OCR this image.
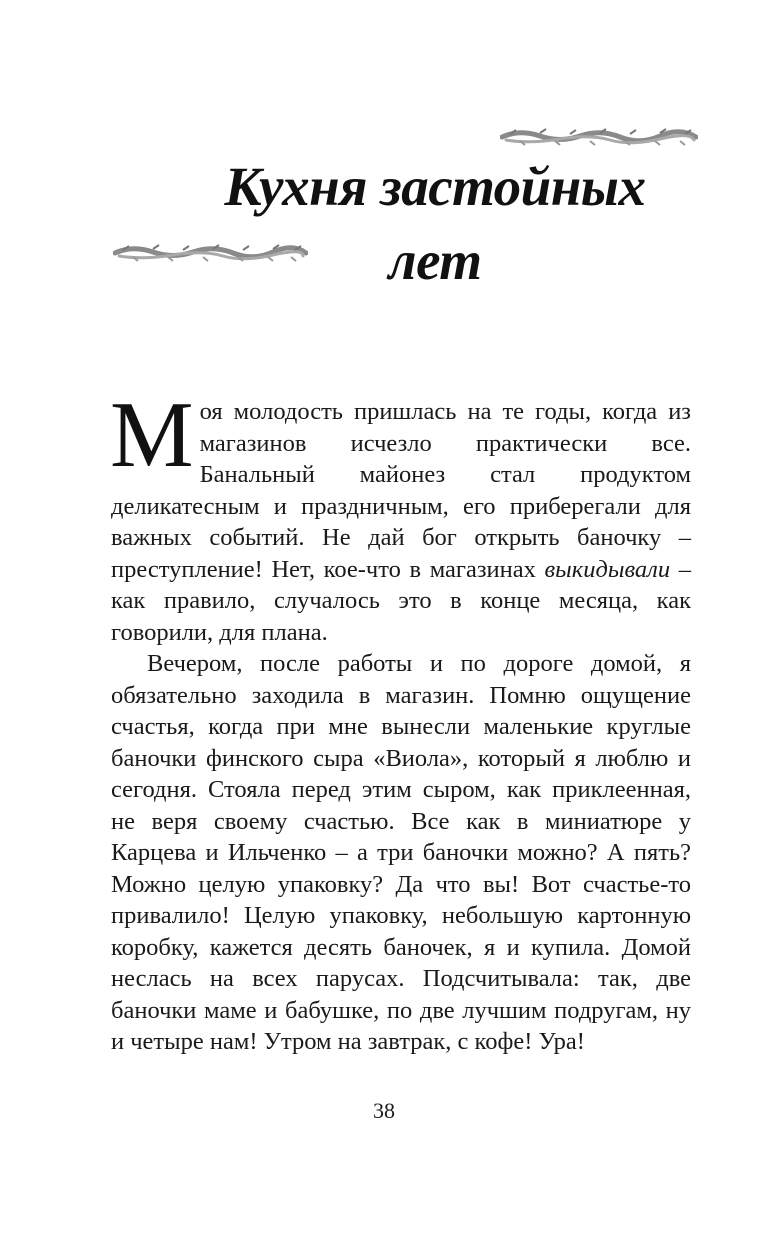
Кухня застойных
лет

Моя молодость пришлась на те годы, когда из магазинов исчезло практически все. Банальный майонез стал продуктом деликатесным и праздничным, его приберегали для важных событий. Не дай бог открыть баночку – преступление! Нет, кое-что в магазинах выкидывали – как правило, случалось это в конце месяца, как говорили, для плана.

Вечером, после работы и по дороге домой, я обязательно заходила в магазин. Помню ощущение счастья, когда при мне вынесли маленькие круглые баночки финского сыра «Виола», который я люблю и сегодня. Стояла перед этим сыром, как приклеенная, не веря своему счастью. Все как в миниатюре у Карцева и Ильченко – а три баночки можно? А пять? Можно целую упаковку? Да что вы! Вот счастье-то привалило! Целую упаковку, небольшую картонную коробку, кажется десять баночек, я и купила. Домой неслась на всех парусах. Подсчитывала: так, две баночки маме и бабушке, по две лучшим подругам, ну и четыре нам! Утром на завтрак, с кофе! Ура!

38
